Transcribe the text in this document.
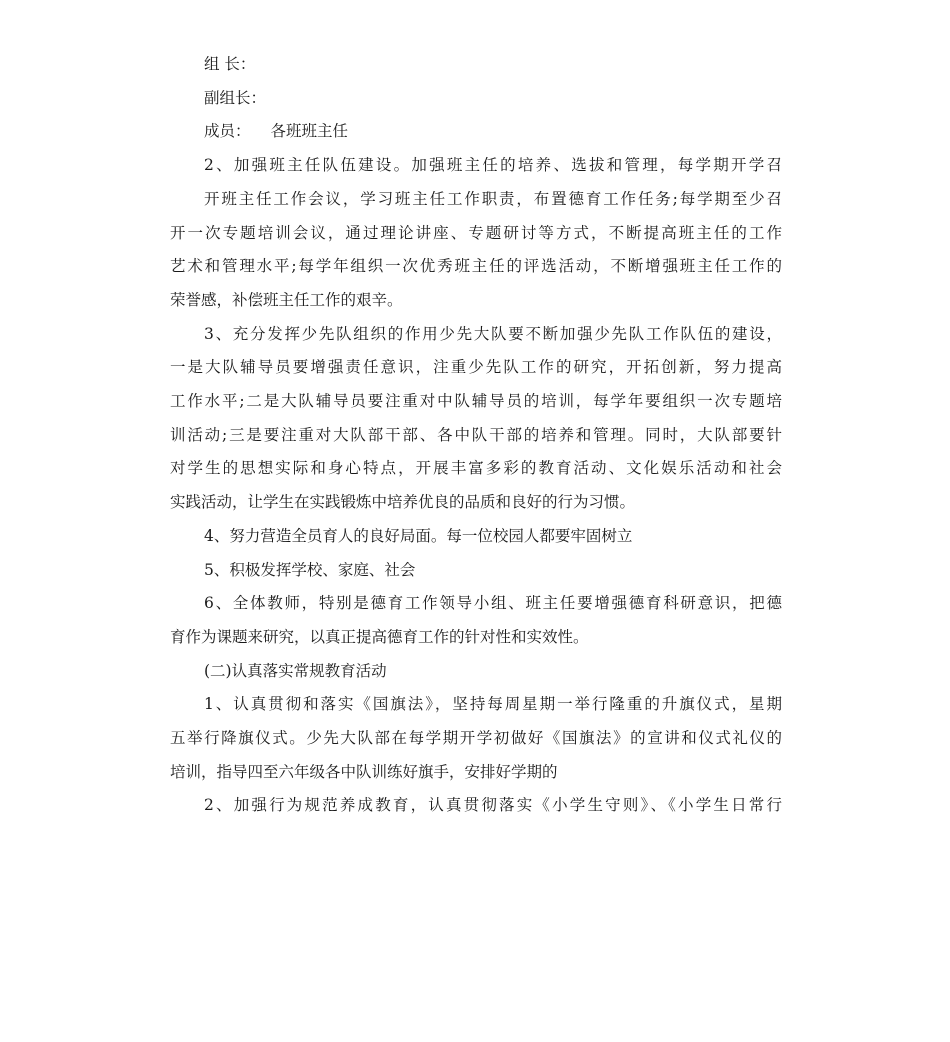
组 长：

副组长：

成员： 各班班主任

2、加强班主任队伍建设。加强班主任的培养、选拔和管理，每学期开学召

开班主任工作会议，学习班主任工作职责，布置德育工作任务;每学期至少召

开一次专题培训会议，通过理论讲座、专题研讨等方式，不断提高班主任的工作

艺术和管理水平;每学年组织一次优秀班主任的评选活动，不断增强班主任工作的

荣誉感，补偿班主任工作的艰辛。

3、充分发挥少先队组织的作用少先大队要不断加强少先队工作队伍的建设，

一是大队辅导员要增强责任意识，注重少先队工作的研究，开拓创新，努力提高

工作水平;二是大队辅导员要注重对中队辅导员的培训，每学年要组织一次专题培

训活动;三是要注重对大队部干部、各中队干部的培养和管理。同时，大队部要针

对学生的思想实际和身心特点，开展丰富多彩的教育活动、文化娱乐活动和社会

实践活动，让学生在实践锻炼中培养优良的品质和良好的行为习惯。

4、努力营造全员育人的良好局面。每一位校园人都要牢固树立

5、积极发挥学校、家庭、社会

6、全体教师，特别是德育工作领导小组、班主任要增强德育科研意识，把德

育作为课题来研究，以真正提高德育工作的针对性和实效性。

(二)认真落实常规教育活动

1、认真贯彻和落实《国旗法》，坚持每周星期一举行隆重的升旗仪式，星期

五举行降旗仪式。少先大队部在每学期开学初做好《国旗法》的宣讲和仪式礼仪的

培训，指导四至六年级各中队训练好旗手，安排好学期的

2、加强行为规范养成教育，认真贯彻落实《小学生守则》、《小学生日常行
